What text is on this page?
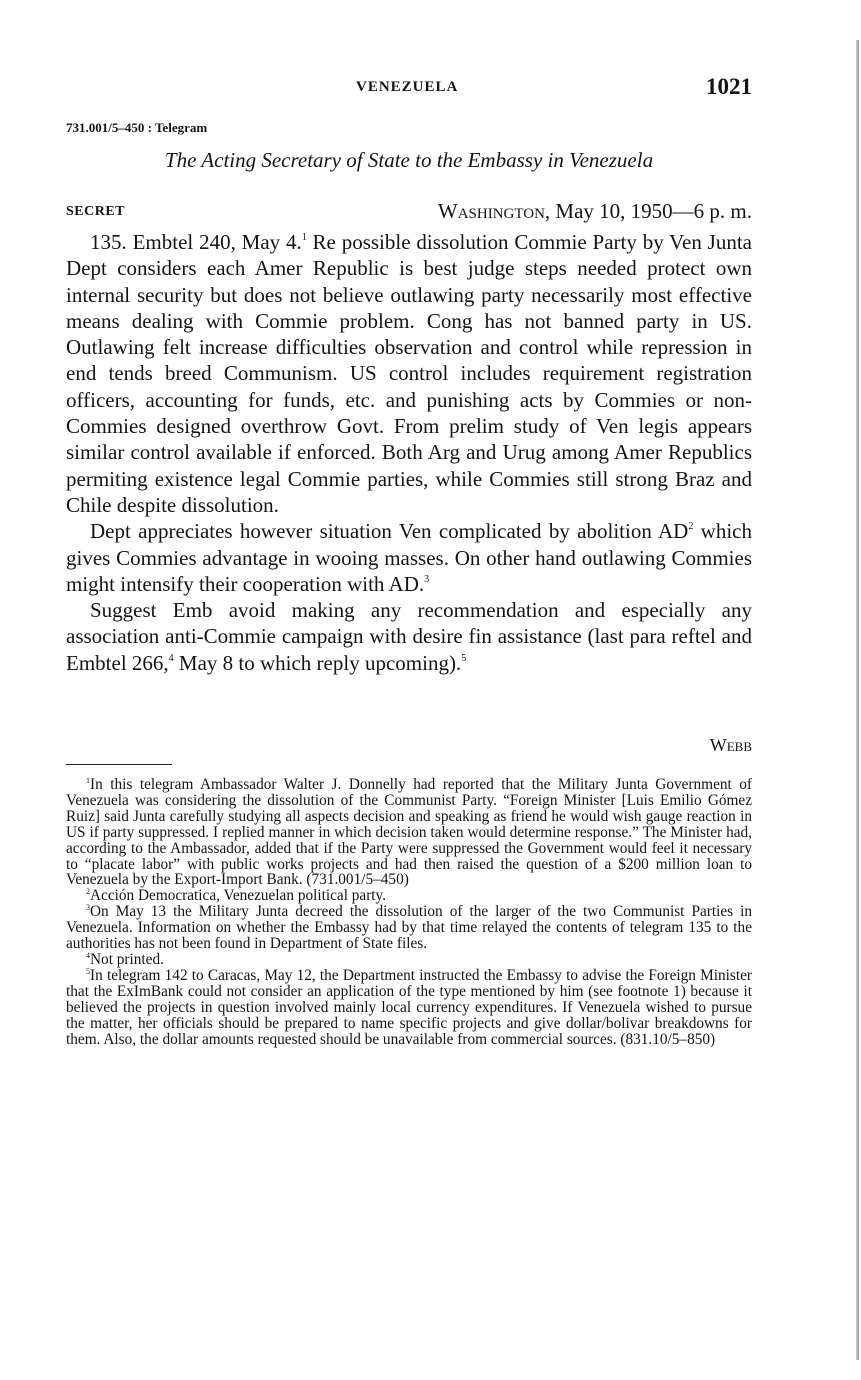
VENEZUELA	1021
731.001/5–450 : Telegram
The Acting Secretary of State to the Embassy in Venezuela
SECRET	Washington, May 10, 1950—6 p. m.

135. Embtel 240, May 4.$^1$ Re possible dissolution Commie Party by Ven Junta Dept considers each Amer Republic is best judge steps needed protect own internal security but does not believe outlawing party necessarily most effective means dealing with Commie problem. Cong has not banned party in US. Outlawing felt increase difficulties observation and control while repression in end tends breed Communism. US control includes requirement registration officers, accounting for funds, etc. and punishing acts by Commies or non-Commies designed overthrow Govt. From prelim study of Ven legis appears similar control available if enforced. Both Arg and Urug among Amer Republics permiting existence legal Commie parties, while Commies still strong Braz and Chile despite dissolution.

Dept appreciates however situation Ven complicated by abolition $AD^2$ which gives Commies advantage in wooing masses. On other hand outlawing Commies might intensify their cooperation with AD.$^3$

Suggest Emb avoid making any recommendation and especially any association anti-Commie campaign with desire fin assistance (last para reftel and Embtel 266,$^4$ May 8 to which reply upcoming).$^5$

Webb

$^1$In this telegram Ambassador Walter J. Donnelly had reported that the Military Junta Government of Venezuela was considering the dissolution of the Communist Party. “Foreign Minister [Luis Emilio Gómez Ruiz] said Junta carefully studying all aspects decision and speaking as friend he would wish gauge reaction in US if party suppressed. I replied manner in which decision taken would determine response.” The Minister had, according to the Ambassador, added that if the Party were suppressed the Government would feel it necessary to “placate labor” with public works projects and had then raised the question of a $200 million loan to Venezuela by the Export-Import Bank. (731.001/5–450)

$^2$Acción Democratica, Venezuelan political party.

$^3$On May 13 the Military Junta decreed the dissolution of the larger of the two Communist Parties in Venezuela. Information on whether the Embassy had by that time relayed the contents of telegram 135 to the authorities has not been found in Department of State files.

$^4$Not printed.

$^5$In telegram 142 to Caracas, May 12, the Department instructed the Embassy to advise the Foreign Minister that the ExImBank could not consider an application of the type mentioned by him (see footnote 1) because it believed the projects in question involved mainly local currency expenditures. If Venezuela wished to pursue the matter, her officials should be prepared to name specific projects and give dollar/bolivar breakdowns for them. Also, the dollar amounts requested should be unavailable from commercial sources. (831.10/5–850)
